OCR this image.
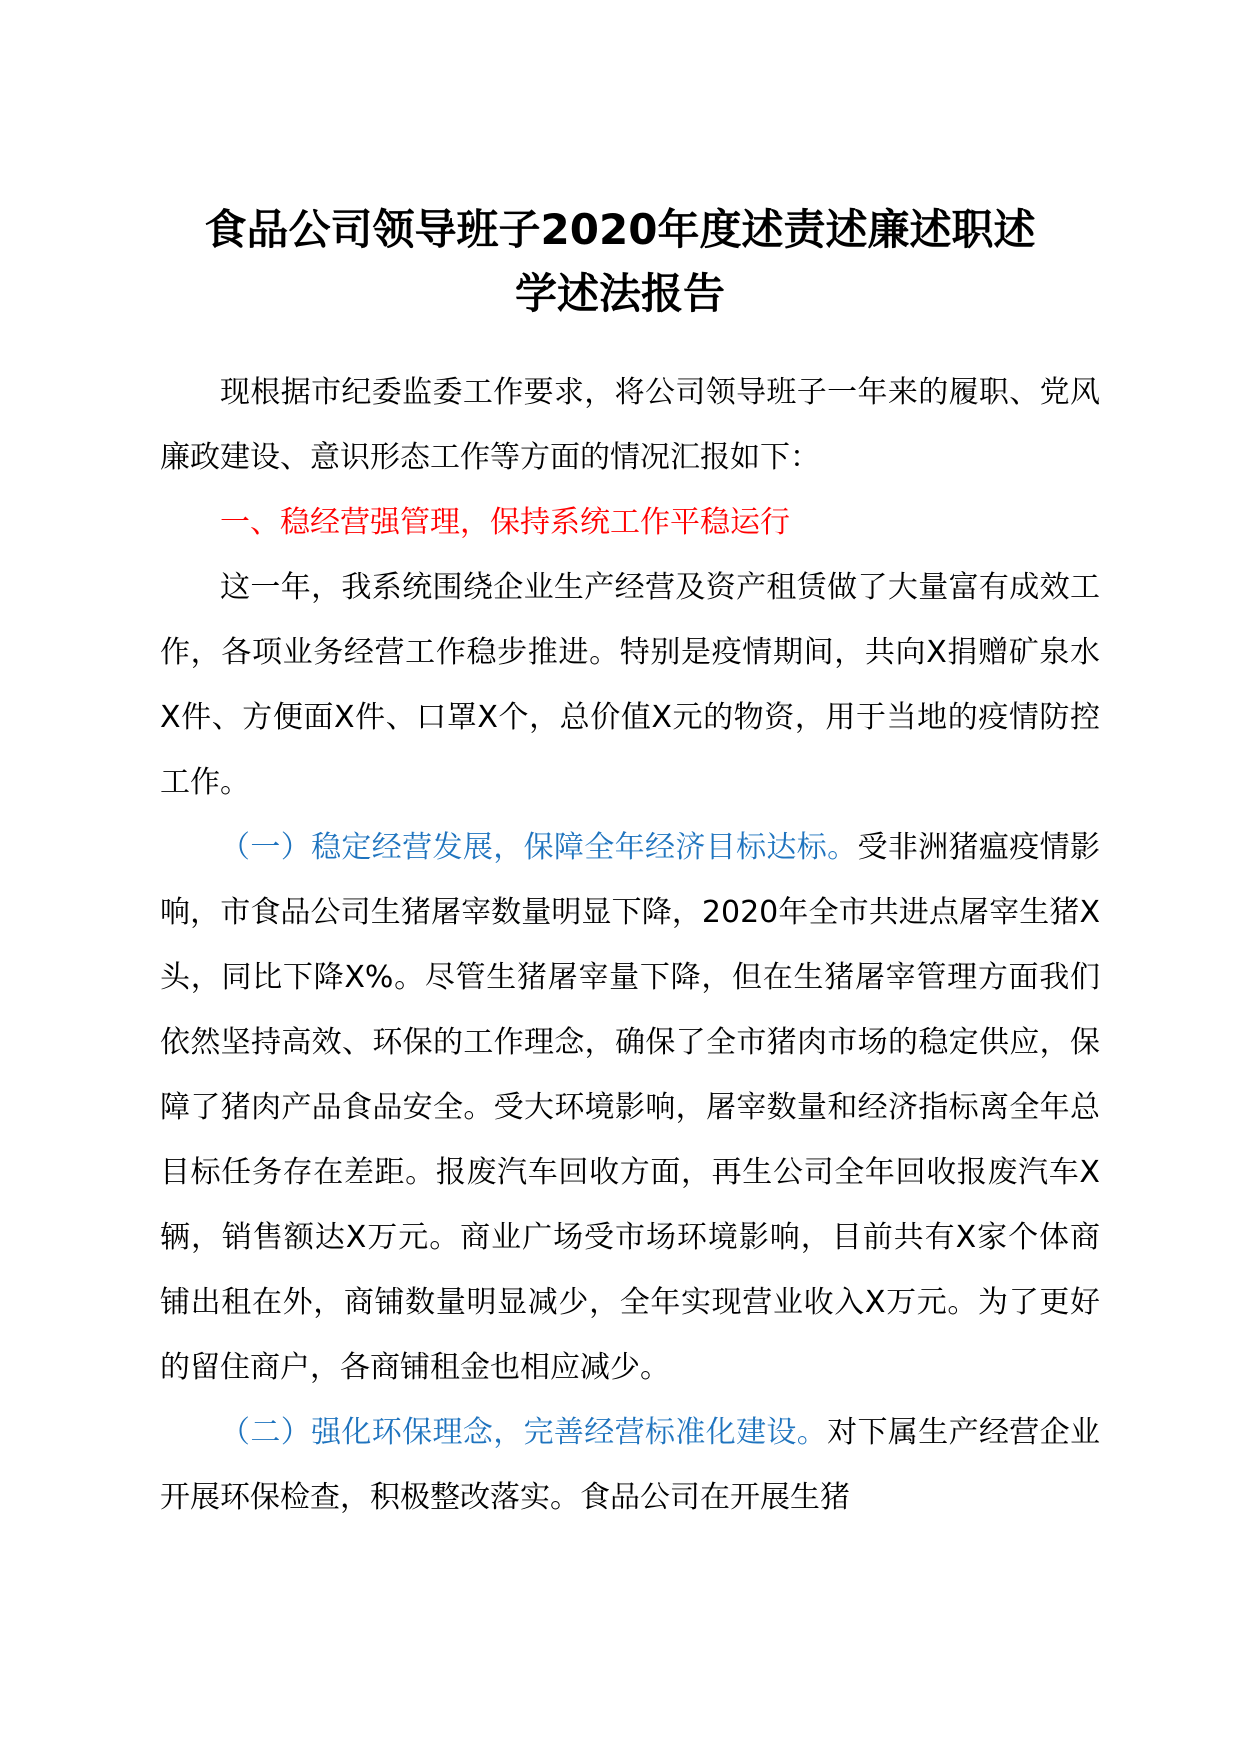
食品公司领导班子2020年度述责述廉述职述
学述法报告

现根据市纪委监委工作要求，将公司领导班子一年来的履职、党风廉政建设、意识形态工作等方面的情况汇报如下：

一、稳经营强管理，保持系统工作平稳运行

这一年，我系统围绕企业生产经营及资产租赁做了大量富有成效工作，各项业务经营工作稳步推进。特别是疫情期间，共向X捐赠矿泉水X件、方便面X件、口罩X个，总价值X元的物资，用于当地的疫情防控工作。

（一）稳定经营发展，保障全年经济目标达标。受非洲猪瘟疫情影响，市食品公司生猪屠宰数量明显下降，2020年全市共进点屠宰生猪X头，同比下降X%。尽管生猪屠宰量下降，但在生猪屠宰管理方面我们依然坚持高效、环保的工作理念，确保了全市猪肉市场的稳定供应，保障了猪肉产品食品安全。受大环境影响，屠宰数量和经济指标离全年总目标任务存在差距。报废汽车回收方面，再生公司全年回收报废汽车X辆，销售额达X万元。商业广场受市场环境影响，目前共有X家个体商铺出租在外，商铺数量明显减少，全年实现营业收入X万元。为了更好的留住商户，各商铺租金也相应减少。

（二）强化环保理念，完善经营标准化建设。对下属生产经营企业开展环保检查，积极整改落实。食品公司在开展生猪
